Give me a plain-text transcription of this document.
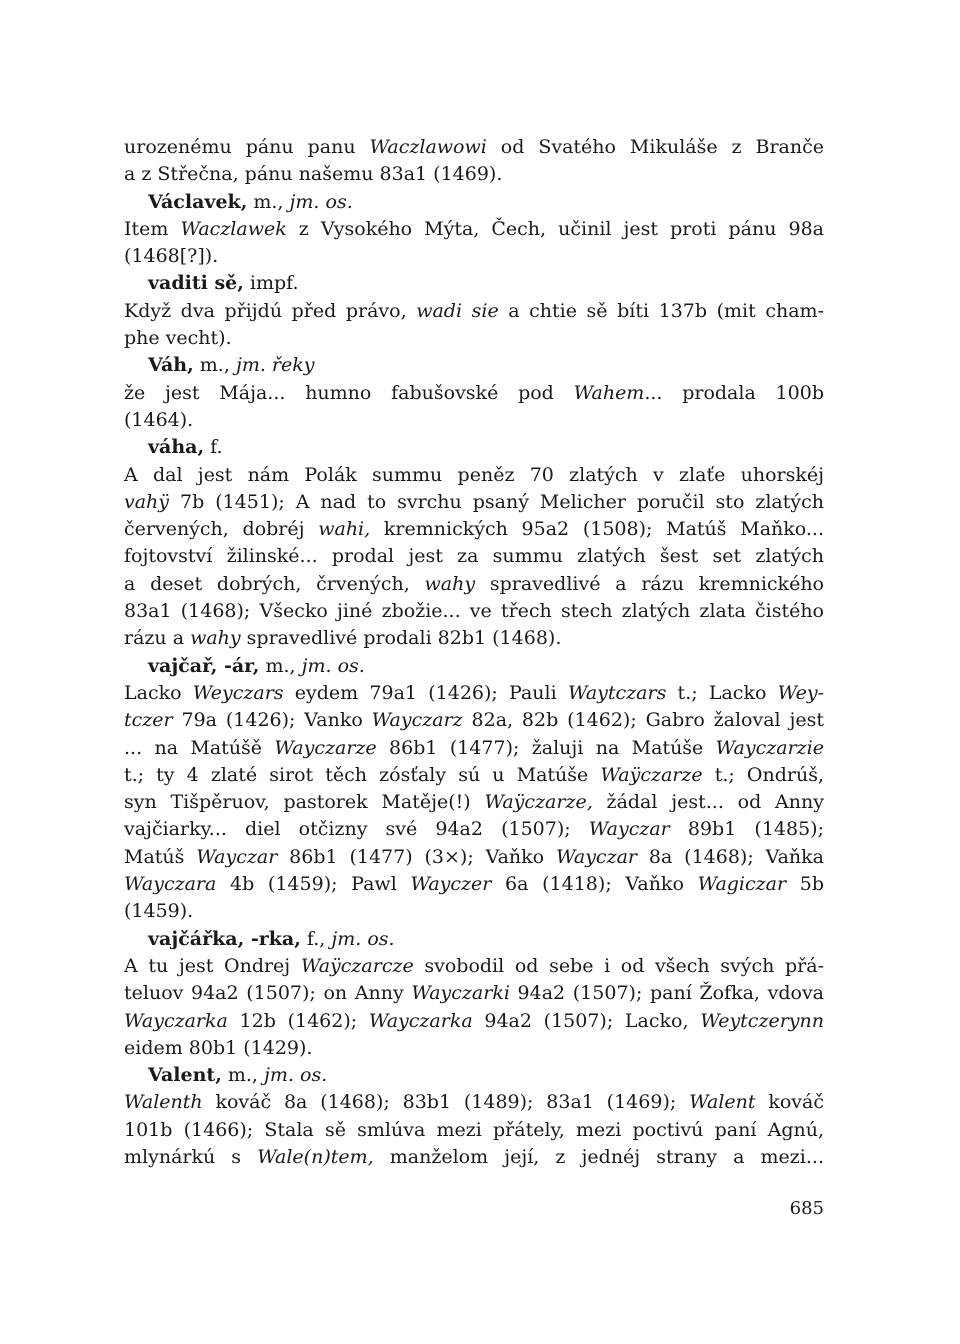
urozenému pánu panu Waczlawowi od Svatého Mikuláše z Branče
a z Střečna, pánu našemu 83a1 (1469).
Václavek, m., jm. os.
Item Waczlawek z Vysokého Mýta, Čech, učinil jest proti pánu 98a
(1468[?]).
vaditi sě, impf.
Když dva přijdú před právo, wadi sie a chtie sě bíti 137b (mit cham-
phe vecht).
Váh, m., jm. řeky
že jest Mája... humno fabušovské pod Wahem... prodala 100b
(1464).
váha, f.
A dal jest nám Polák summu peněz 70 zlatých v zlaťe uhorskéj
vahÿ 7b (1451); A nad to svrchu psaný Melicher poručil sto zlatých
červených, dobréj wahi, kremnických 95a2 (1508); Matúš Maňko...
fojtovství žilinské... prodal jest za summu zlatých šest set zlatých
a deset dobrých, črvených, wahy spravedlivé a rázu kremnického
83a1 (1468); Všecko jiné zbožie... ve třech stech zlatých zlata čistého
rázu a wahy spravedlivé prodali 82b1 (1468).
vajčař, -ár, m., jm. os.
Lacko Weyczars eydem 79a1 (1426); Pauli Waytczars t.; Lacko Wey-
tczer 79a (1426); Vanko Wayczarz 82a, 82b (1462); Gabro žaloval jest
... na Matúšě Wayczarze 86b1 (1477); žaluji na Matúše Wayczarzie
t.; ty 4 zlaté sirot těch zósťaly sú u Matúše Waÿczarze t.; Ondrúš,
syn Tišpěruov, pastorek Matěje(!) Waÿczarze, žádal jest... od Anny
vajčiarky... diel otčizny své 94a2 (1507); Wayczar 89b1 (1485);
Matúš Wayczar 86b1 (1477) (3×); Vaňko Wayczar 8a (1468); Vaňka
Wayczara 4b (1459); Pawl Wayczer 6a (1418); Vaňko Wagiczar 5b
(1459).
vajčářka, -rka, f., jm. os.
A tu jest Ondrej Waÿczarcze svobodil od sebe i od všech svých přá-
teluov 94a2 (1507); on Anny Wayczarki 94a2 (1507); paní Žofka, vdova
Wayczarka 12b (1462); Wayczarka 94a2 (1507); Lacko, Weytczerynn
eidem 80b1 (1429).
Valent, m., jm. os.
Walenth kováč 8a (1468); 83b1 (1489); 83a1 (1469); Walent kováč
101b (1466); Stala sě smlúva mezi přátely, mezi poctivú paní Agnú,
mlynárkú s Wale(n)tem, manželom její, z jednéj strany a mezi...
685
